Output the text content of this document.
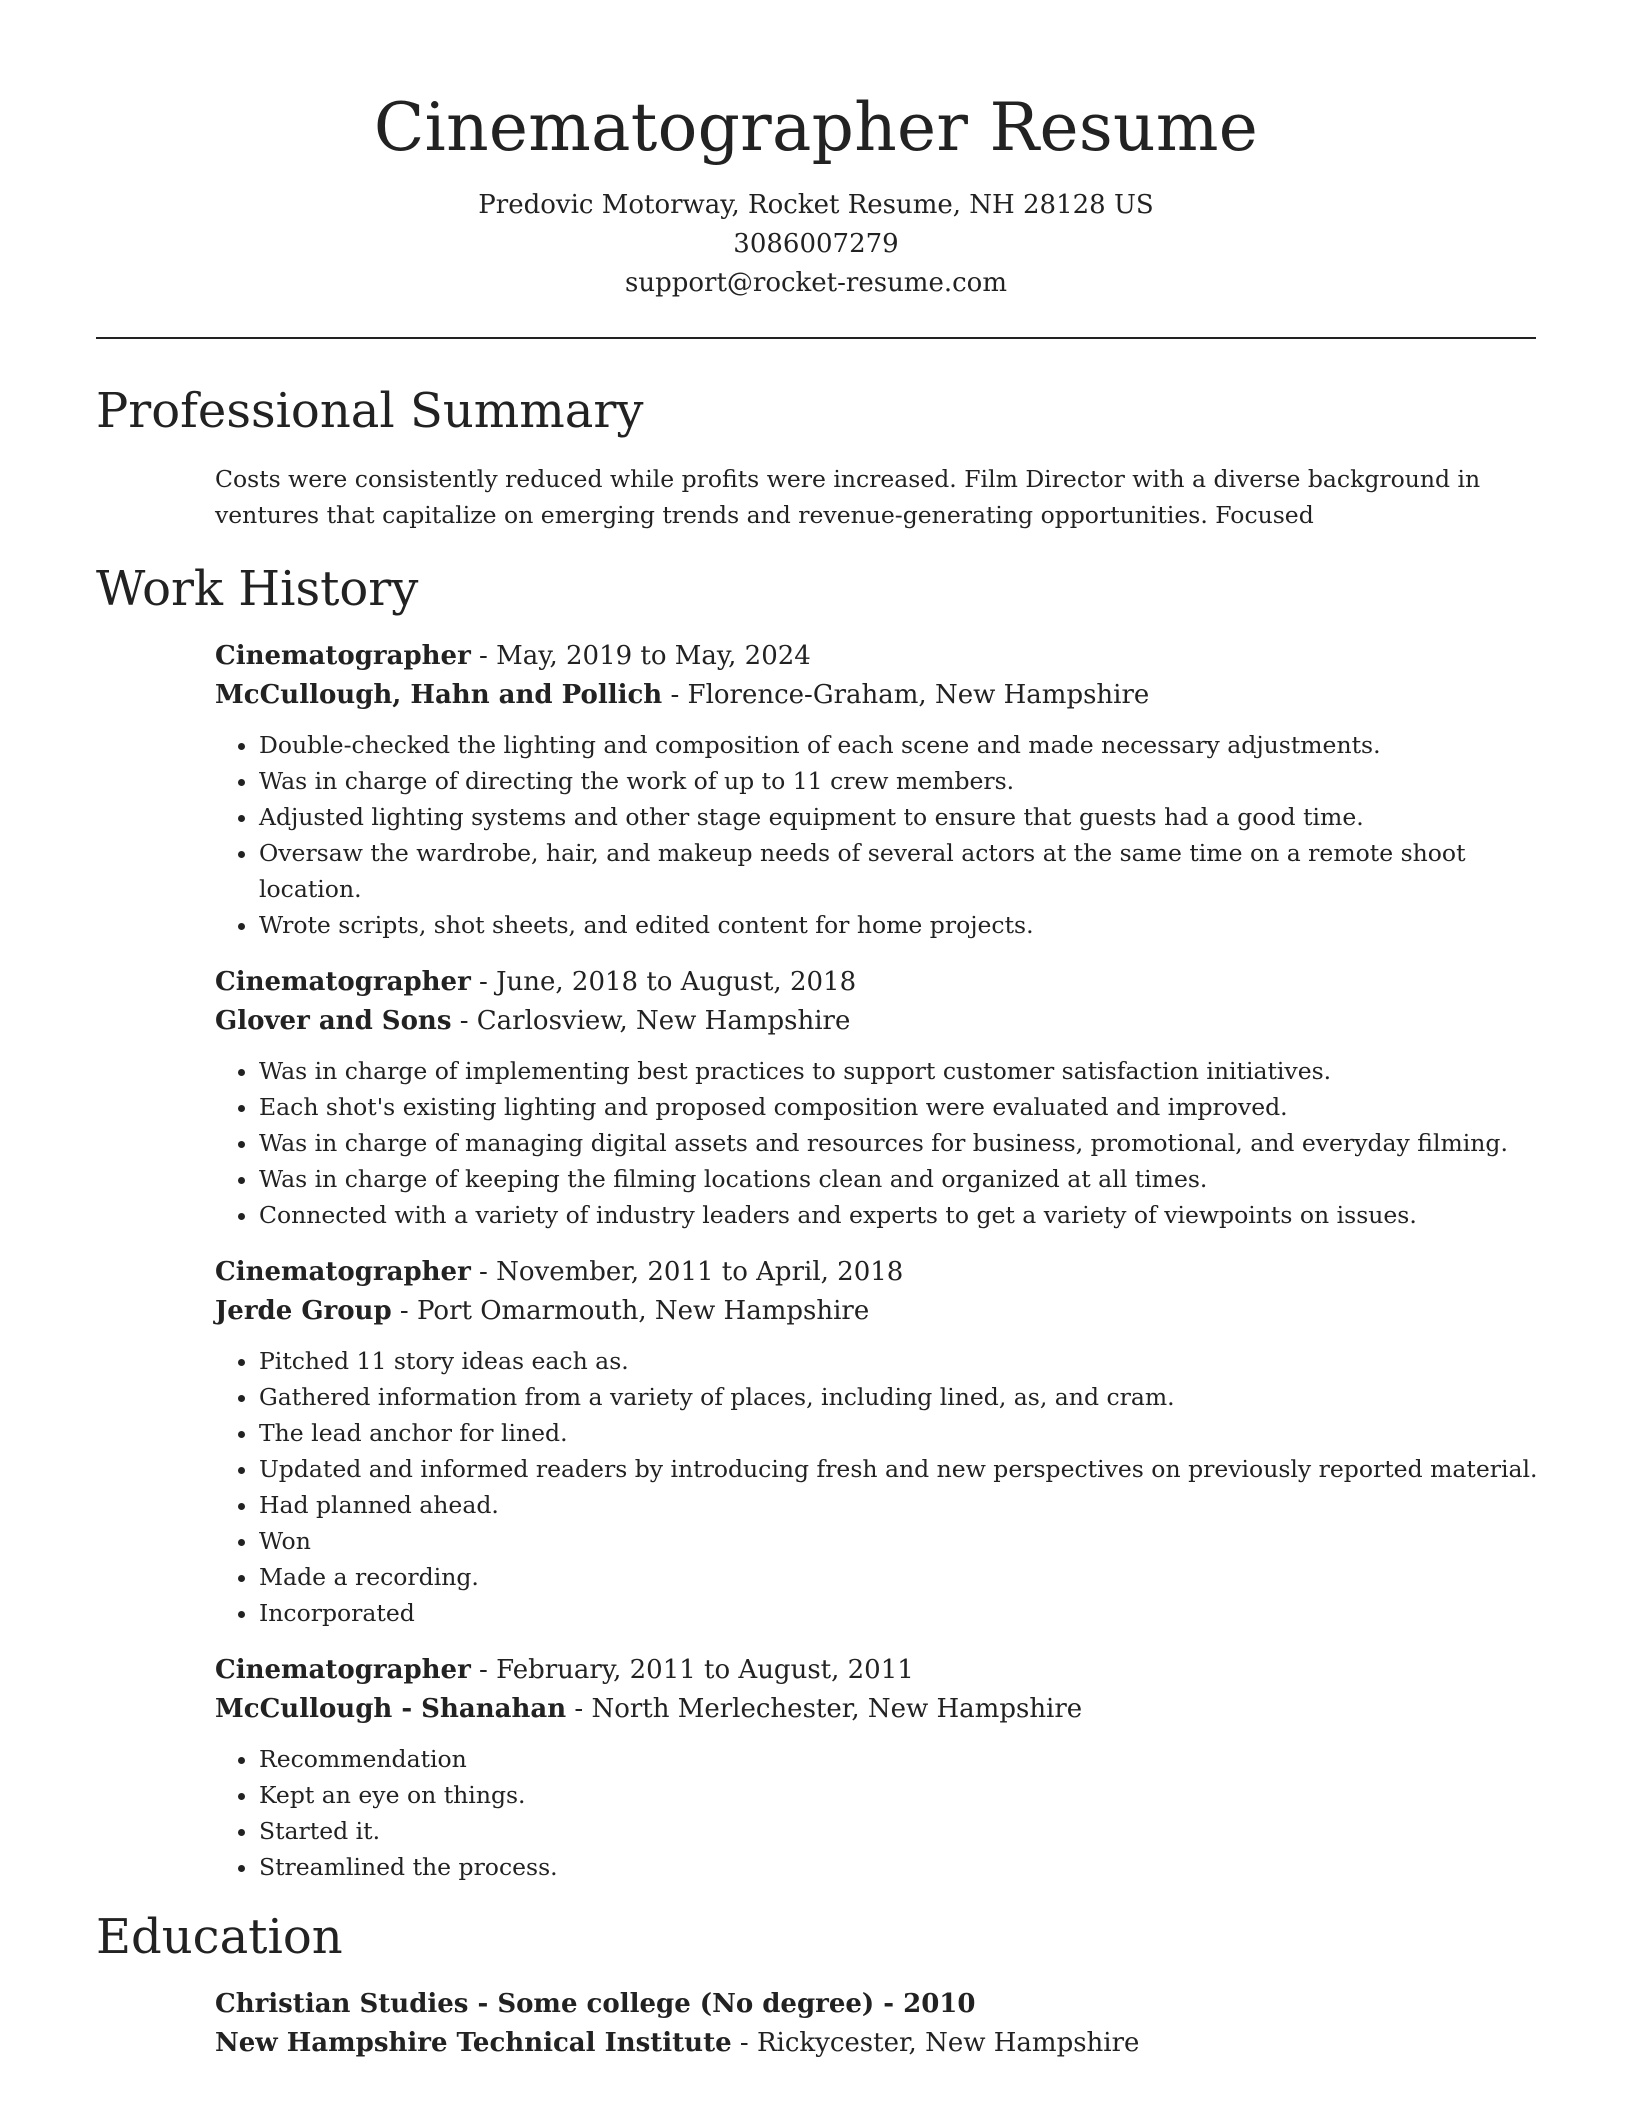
Cinematographer Resume

Predovic Motorway, Rocket Resume, NH 28128 US

3086007279

support@rocket-resume.com

Professional Summary

Costs were consistently reduced while profits were increased. Film Director with a diverse background in ventures that capitalize on emerging trends and revenue-generating opportunities. Focused

Work History

Cinematographer - May, 2019 to May, 2024

McCullough, Hahn and Pollich - Florence-Graham, New Hampshire

• Double-checked the lighting and composition of each scene and made necessary adjustments.
• Was in charge of directing the work of up to 11 crew members.
• Adjusted lighting systems and other stage equipment to ensure that guests had a good time.
• Oversaw the wardrobe, hair, and makeup needs of several actors at the same time on a remote shoot location.
• Wrote scripts, shot sheets, and edited content for home projects.

Cinematographer - June, 2018 to August, 2018

Glover and Sons - Carlosview, New Hampshire

• Was in charge of implementing best practices to support customer satisfaction initiatives.
• Each shot's existing lighting and proposed composition were evaluated and improved.
• Was in charge of managing digital assets and resources for business, promotional, and everyday filming.
• Was in charge of keeping the filming locations clean and organized at all times.
• Connected with a variety of industry leaders and experts to get a variety of viewpoints on issues.

Cinematographer - November, 2011 to April, 2018

Jerde Group - Port Omarmouth, New Hampshire

• Pitched 11 story ideas each as.
• Gathered information from a variety of places, including lined, as, and cram.
• The lead anchor for lined.
• Updated and informed readers by introducing fresh and new perspectives on previously reported material.
• Had planned ahead.
• Won
• Made a recording.
• Incorporated

Cinematographer - February, 2011 to August, 2011

McCullough - Shanahan - North Merlechester, New Hampshire

• Recommendation
• Kept an eye on things.
• Started it.
• Streamlined the process.
Education

Christian Studies - Some college (No degree) - 2010

New Hampshire Technical Institute - Rickycester, New Hampshire
